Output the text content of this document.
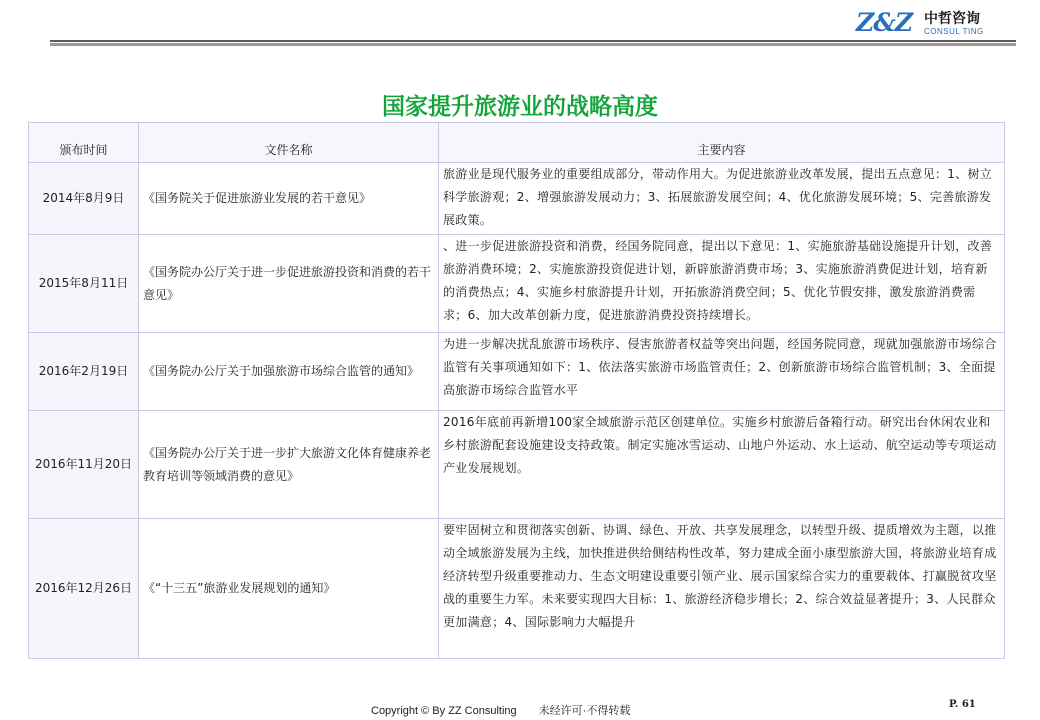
Z&Z 中哲咨询
CONSUL TING
国家提升旅游业的战略高度
颁布时间	文件名称	主要内容
2014年8月9日	《国务院关于促进旅游业发展的若干意见》	旅游业是现代服务业的重要组成部分，带动作用大。为促进旅游业改革发展，提出五点意见：1、树立科学旅游观；2、增强旅游发展动力；3、拓展旅游发展空间；4、优化旅游发展环境；5、完善旅游发展政策。
2015年8月11日	《国务院办公厅关于进一步促进旅游投资和消费的若干意见》	、进一步促进旅游投资和消费，经国务院同意，提出以下意见：1、实施旅游基础设施提升计划，改善旅游消费环境；2、实施旅游投资促进计划，新辟旅游消费市场；3、实施旅游消费促进计划，培育新的消费热点；4、实施乡村旅游提升计划，开拓旅游消费空间；5、优化节假安排，激发旅游消费需求；6、加大改革创新力度，促进旅游消费投资持续增长。
2016年2月19日	《国务院办公厅关于加强旅游市场综合监管的通知》	为进一步解决扰乱旅游市场秩序、侵害旅游者权益等突出问题，经国务院同意，现就加强旅游市场综合监管有关事项通知如下：1、依法落实旅游市场监管责任；2、创新旅游市场综合监管机制；3、全面提高旅游市场综合监管水平
2016年11月20日	《国务院办公厅关于进一步扩大旅游文化体育健康养老教育培训等领域消费的意见》	2016年底前再新增100家全域旅游示范区创建单位。实施乡村旅游后备箱行动。研究出台休闲农业和乡村旅游配套设施建设支持政策。制定实施冰雪运动、山地户外运动、水上运动、航空运动等专项运动产业发展规划。
2016年12月26日	《“十三五”旅游业发展规划的通知》	要牢固树立和贯彻落实创新、协调、绿色、开放、共享发展理念，以转型升级、提质增效为主题，以推动全域旅游发展为主线，加快推进供给侧结构性改革，努力建成全面小康型旅游大国，将旅游业培育成经济转型升级重要推动力、生态文明建设重要引领产业、展示国家综合实力的重要载体、打赢脱贫攻坚战的重要生力军。未来要实现四大目标：1、旅游经济稳步增长；2、综合效益显著提升；3、人民群众更加满意；4、国际影响力大幅提升
Copyright © By ZZ Consulting 未经许可·不得转载
P. 61
